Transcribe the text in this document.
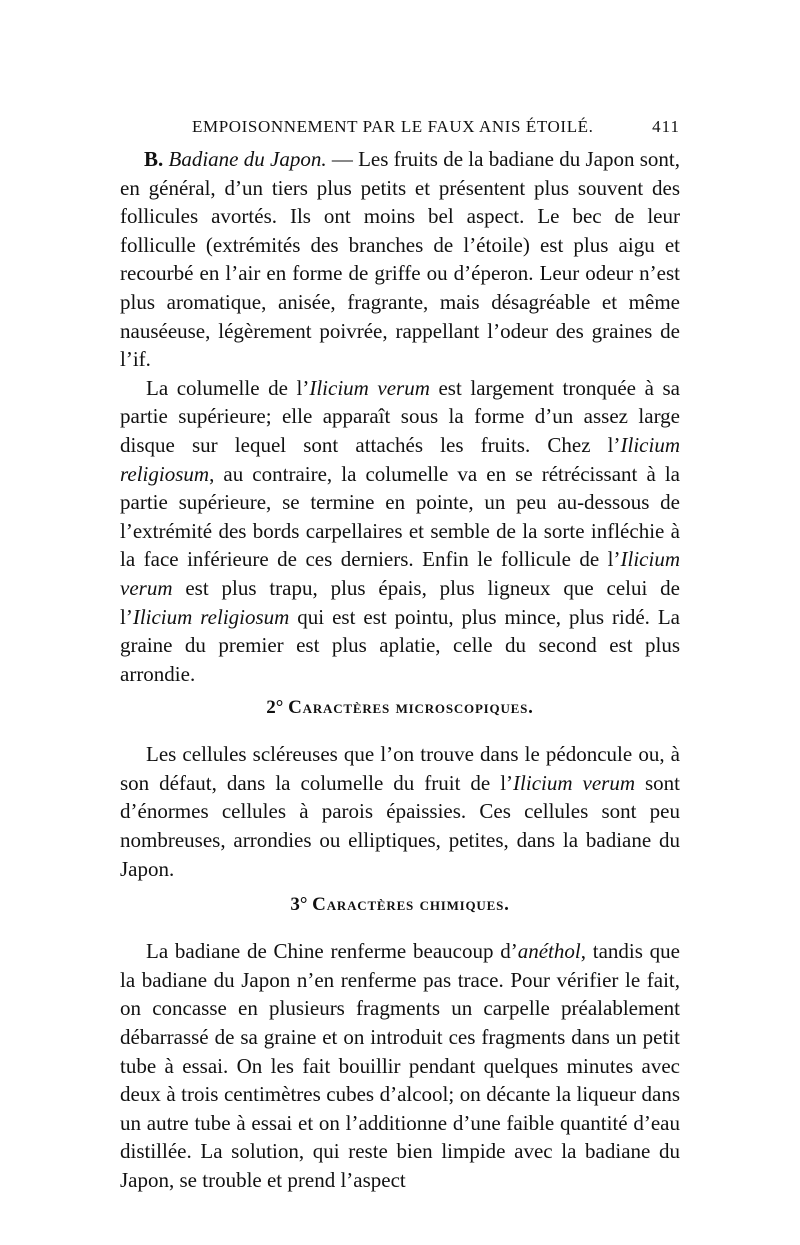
EMPOISONNEMENT PAR LE FAUX ANIS ÉTOILÉ.	411

B. Badiane du Japon. — Les fruits de la badiane du Japon sont, en général, d’un tiers plus petits et présentent plus souvent des follicules avortés. Ils ont moins bel aspect. Le bec de leur folliculle (extrémités des branches de l’étoile) est plus aigu et recourbé en l’air en forme de griffe ou d’éperon. Leur odeur n’est plus aromatique, anisée, fragrante, mais désagréable et même nauséeuse, légèrement poivrée, rappellant l’odeur des graines de l’if.

La columelle de l’Ilicium verum est largement tronquée à sa partie supérieure; elle apparaît sous la forme d’un assez large disque sur lequel sont attachés les fruits. Chez l’Ilicium religiosum, au contraire, la columelle va en se rétrécissant à la partie supérieure, se termine en pointe, un peu au-dessous de l’extrémité des bords carpellaires et semble de la sorte infléchie à la face inférieure de ces derniers. Enfin le follicule de l’Ilicium verum est plus trapu, plus épais, plus ligneux que celui de l’Ilicium religiosum qui est est pointu, plus mince, plus ridé. La graine du premier est plus aplatie, celle du second est plus arrondie.

2° Caractères microscopiques.

Les cellules scléreuses que l’on trouve dans le pédoncule ou, à son défaut, dans la columelle du fruit de l’Ilicium verum sont d’énormes cellules à parois épaissies. Ces cellules sont peu nombreuses, arrondies ou elliptiques, petites, dans la badiane du Japon.

3° Caractères chimiques.

La badiane de Chine renferme beaucoup d’anéthol, tandis que la badiane du Japon n’en renferme pas trace. Pour vérifier le fait, on concasse en plusieurs fragments un carpelle préalablement débarrassé de sa graine et on introduit ces fragments dans un petit tube à essai. On les fait bouillir pendant quelques minutes avec deux à trois centimètres cubes d’alcool; on décante la liqueur dans un autre tube à essai et on l’additionne d’une faible quantité d’eau distillée. La solution, qui reste bien limpide avec la badiane du Japon, se trouble et prend l’aspect
